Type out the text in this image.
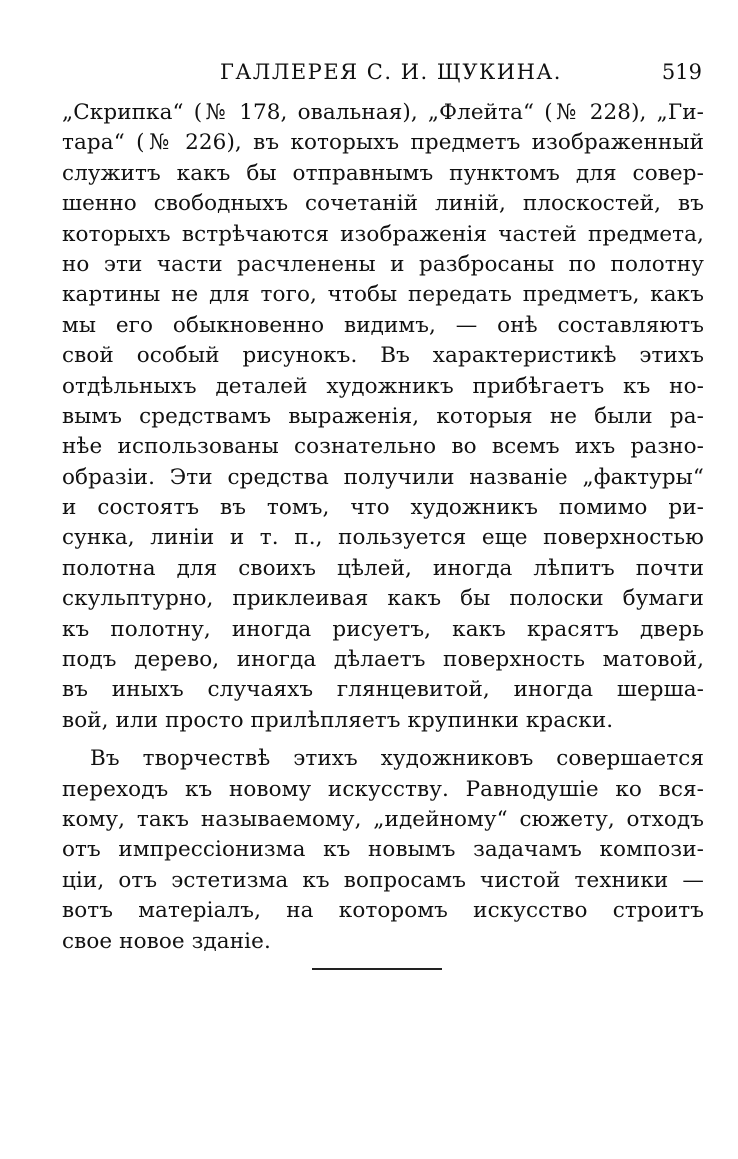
ГАЛЛЕРЕЯ С. И. ЩУКИНА.	519
„Скрипка“ (№ 178, овальная), „Флейта“ (№ 228), „Ги-
тара“ (№ 226), въ которыхъ предметъ изображенный
служитъ какъ бы отправнымъ пунктомъ для совер-
шенно свободныхъ сочетаній линій, плоскостей, въ
которыхъ встрѣчаются изображенія частей предмета,
но эти части расчленены и разбросаны по полотну
картины не для того, чтобы передать предметъ, какъ
мы его обыкновенно видимъ, — онѣ составляютъ
свой особый рисунокъ. Въ характеристикѣ этихъ
отдѣльныхъ деталей художникъ прибѣгаетъ къ но-
вымъ средствамъ выраженія, которыя не были ра-
нѣе использованы сознательно во всемъ ихъ разно-
образіи. Эти средства получили названіе „фактуры“
и состоятъ въ томъ, что художникъ помимо ри-
сунка, линіи и т. п., пользуется еще поверхностью
полотна для своихъ цѣлей, иногда лѣпитъ почти
скульптурно, приклеивая какъ бы полоски бумаги
къ полотну, иногда рисуетъ, какъ красятъ дверь
подъ дерево, иногда дѣлаетъ поверхность матовой,
въ иныхъ случаяхъ глянцевитой, иногда шерша-
вой, или просто прилѣпляетъ крупинки краски.
Въ творчествѣ этихъ художниковъ совершается
переходъ къ новому искусству. Равнодушіе ко вся-
кому, такъ называемому, „идейному“ сюжету, отходъ
отъ импрессіонизма къ новымъ задачамъ компози-
ціи, отъ эстетизма къ вопросамъ чистой техники —
вотъ матеріалъ, на которомъ искусство строитъ
свое новое зданіе.
